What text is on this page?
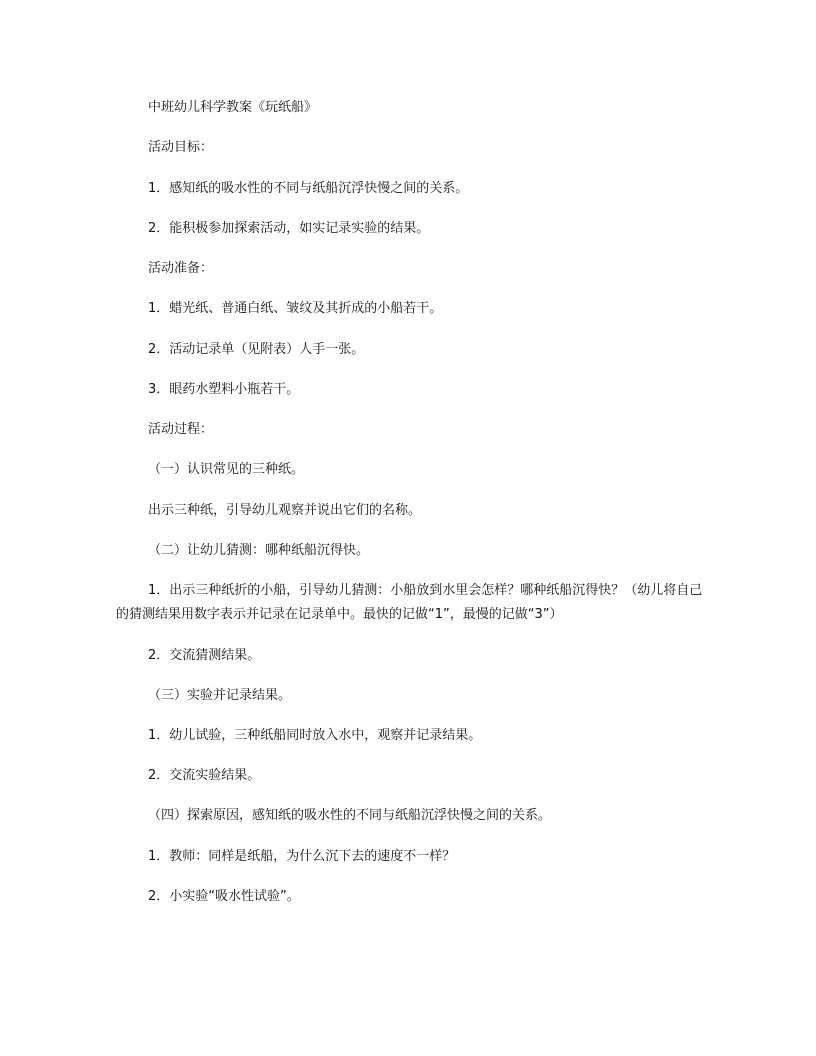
中班幼儿科学教案《玩纸船》

活动目标：

1．感知纸的吸水性的不同与纸船沉浮快慢之间的关系。

2．能积极参加探索活动，如实记录实验的结果。

活动准备：

1．蜡光纸、普通白纸、皱纹及其折成的小船若干。

2．活动记录单（见附表）人手一张。

3．眼药水塑料小瓶若干。

活动过程：

（一）认识常见的三种纸。

出示三种纸，引导幼儿观察并说出它们的名称。

（二）让幼儿猜测：哪种纸船沉得快。

1．出示三种纸折的小船，引导幼儿猜测：小船放到水里会怎样？哪种纸船沉得快？（幼儿将自己的猜测结果用数字表示并记录在记录单中。最快的记做“1”，最慢的记做“3”）

2．交流猜测结果。

（三）实验并记录结果。

1．幼儿试验，三种纸船同时放入水中，观察并记录结果。

2．交流实验结果。

（四）探索原因，感知纸的吸水性的不同与纸船沉浮快慢之间的关系。

1．教师：同样是纸船，为什么沉下去的速度不一样？

2．小实验“吸水性试验”。
